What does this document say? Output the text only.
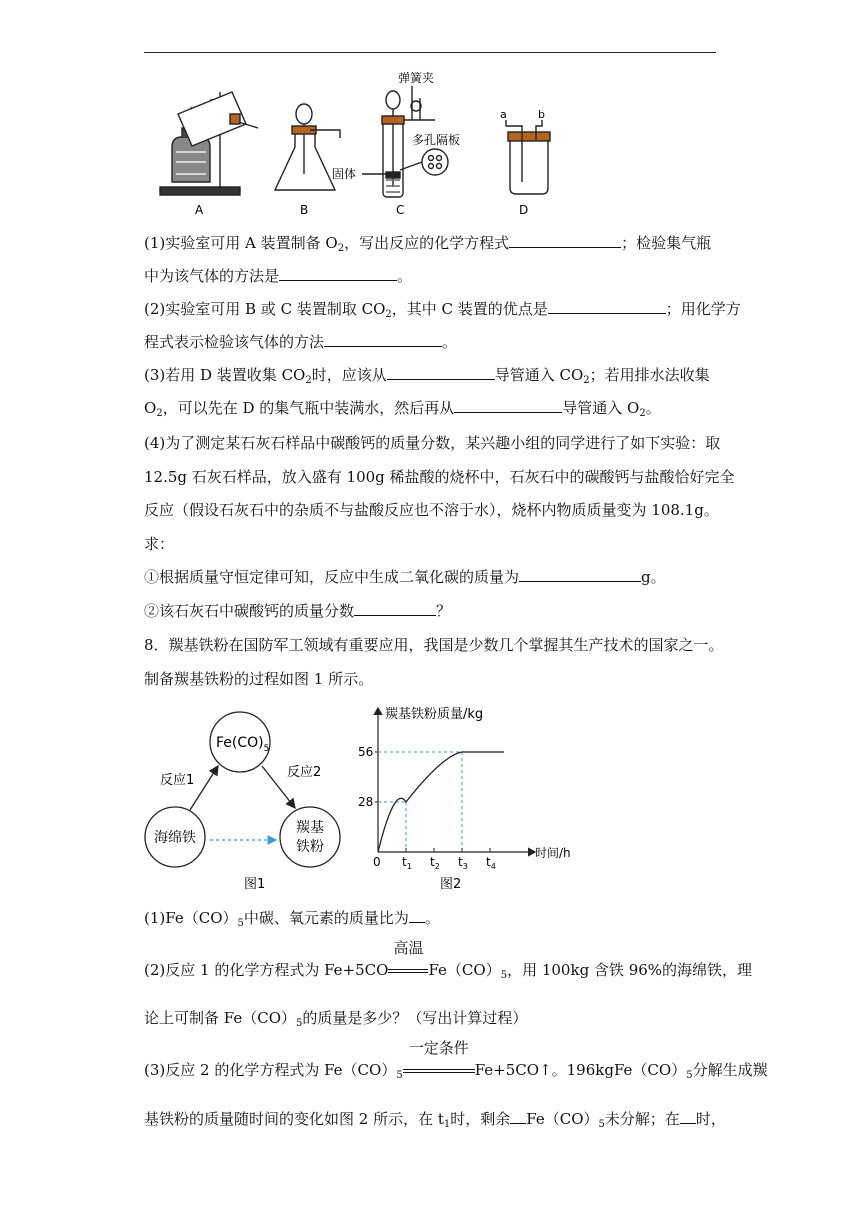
A	B
弹簧夹
多孔隔板
固体
C
a	b
D
(1)实验室可用 A 装置制备 $O_2$，写出反应的化学方程式	；检验集气瓶
中为该气体的方法是	。
(2)实验室可用 B 或 C 装置制取 $CO_2$，其中 C 装置的优点是	；用化学方
程式表示检验该气体的方法	。
(3)若用 D 装置收集 $CO_2$时，应该从	导管通入 $CO_2$；若用排水法收集
$O_2$，可以先在 D 的集气瓶中装满水，然后再从	导管通入 $O_2$。
(4)为了测定某石灰石样品中碳酸钙的质量分数，某兴趣小组的同学进行了如下实验：取
12.5g 石灰石样品，放入盛有 100g 稀盐酸的烧杯中，石灰石中的碳酸钙与盐酸恰好完全
反应（假设石灰石中的杂质不与盐酸反应也不溶于水），烧杯内物质质量变为 108.1g。
求：
①根据质量守恒定律可知，反应中生成二氧化碳的质量为	g。
②该石灰石中碳酸钙的质量分数	？
8．羰基铁粉在国防军工领域有重要应用，我国是少数几个掌握其生产技术的国家之一。
制备羰基铁粉的过程如图 1 所示。
$Fe(CO)_5$
海绵铁
羰基
铁粉
反应1
反应2
图1
羰基铁粉质量/kg
时间/h
0
28
56
$t_1$ $t_2$ $t_3$ $t_4$
图2
$(1)Fe(CO)_5$中碳、氧元素的质量比为 。
(2)反应 1 的化学方程式为 Fe+5CO
高温
$Fe(CO)_5$，用 100kg 含铁 96%的海绵铁，理
论上可制备 $Fe(CO)_5$的质量是多少？（写出计算过程）
(3)反应 2 的化学方程式为 $Fe(CO)_5$
一定条件
Fe+5CO↑。$196kgFe(CO)_5$分解生成羰
基铁粉的质量随时间的变化如图 2 所示，在 $t_1$时，剩余 $Fe(CO)_5$未分解；在 时，
